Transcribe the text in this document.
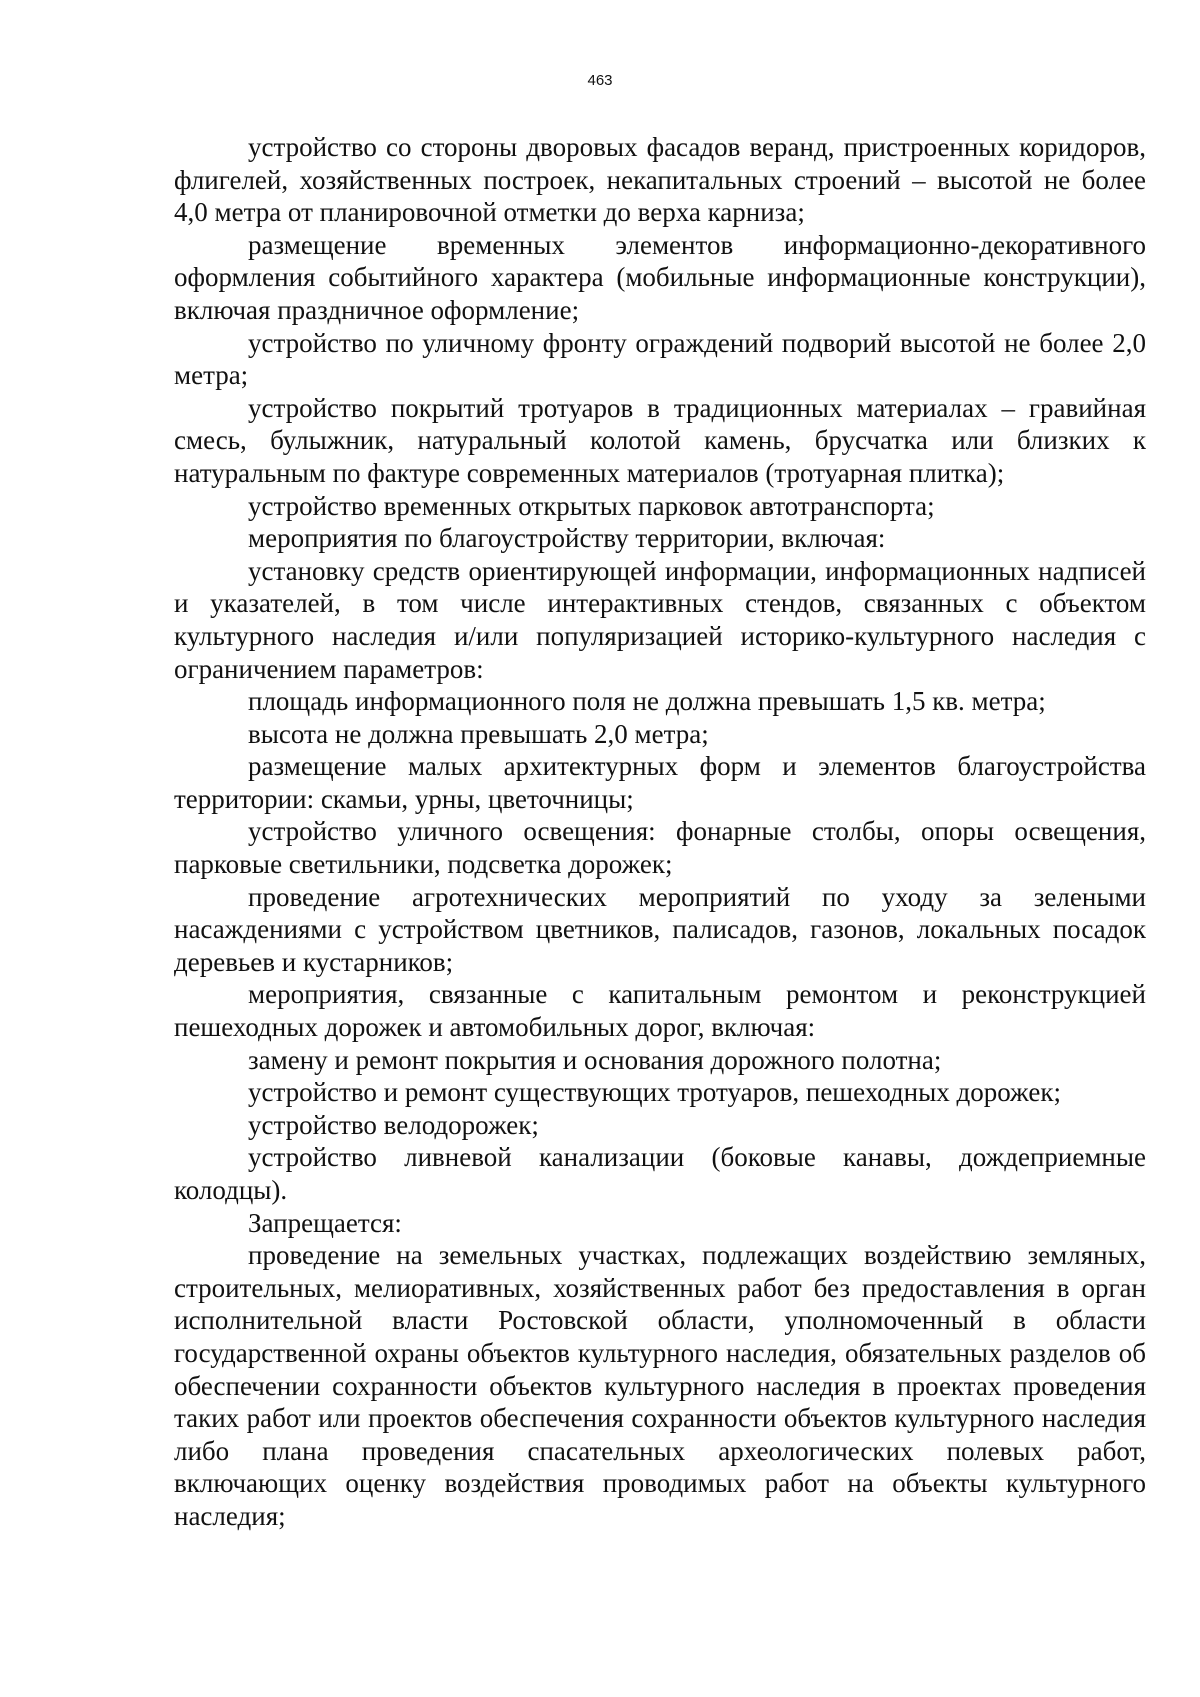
463

устройство со стороны дворовых фасадов веранд, пристроенных коридоров, флигелей, хозяйственных построек, некапитальных строений – высотой не более 4,0 метра от планировочной отметки до верха карниза;

размещение временных элементов информационно-декоративного оформления событийного характера (мобильные информационные конструкции), включая праздничное оформление;

устройство по уличному фронту ограждений подворий высотой не более 2,0 метра;

устройство покрытий тротуаров в традиционных материалах – гравийная смесь, булыжник, натуральный колотой камень, брусчатка или близких к натуральным по фактуре современных материалов (тротуарная плитка);

устройство временных открытых парковок автотранспорта;

мероприятия по благоустройству территории, включая:

установку средств ориентирующей информации, информационных надписей и указателей, в том числе интерактивных стендов, связанных с объектом культурного наследия и/или популяризацией историко-культурного наследия с ограничением параметров:

площадь информационного поля не должна превышать 1,5 кв. метра;

высота не должна превышать 2,0 метра;

размещение малых архитектурных форм и элементов благоустройства территории: скамьи, урны, цветочницы;

устройство уличного освещения: фонарные столбы, опоры освещения, парковые светильники, подсветка дорожек;

проведение агротехнических мероприятий по уходу за зелеными насаждениями с устройством цветников, палисадов, газонов, локальных посадок деревьев и кустарников;

мероприятия, связанные с капитальным ремонтом и реконструкцией пешеходных дорожек и автомобильных дорог, включая:

замену и ремонт покрытия и основания дорожного полотна;

устройство и ремонт существующих тротуаров, пешеходных дорожек;

устройство велодорожек;

устройство ливневой канализации (боковые канавы, дождеприемные колодцы).

Запрещается:

проведение на земельных участках, подлежащих воздействию земляных, строительных, мелиоративных, хозяйственных работ без предоставления в орган исполнительной власти Ростовской области, уполномоченный в области государственной охраны объектов культурного наследия, обязательных разделов об обеспечении сохранности объектов культурного наследия в проектах проведения таких работ или проектов обеспечения сохранности объектов культурного наследия либо плана проведения спасательных археологических полевых работ, включающих оценку воздействия проводимых работ на объекты культурного наследия;
